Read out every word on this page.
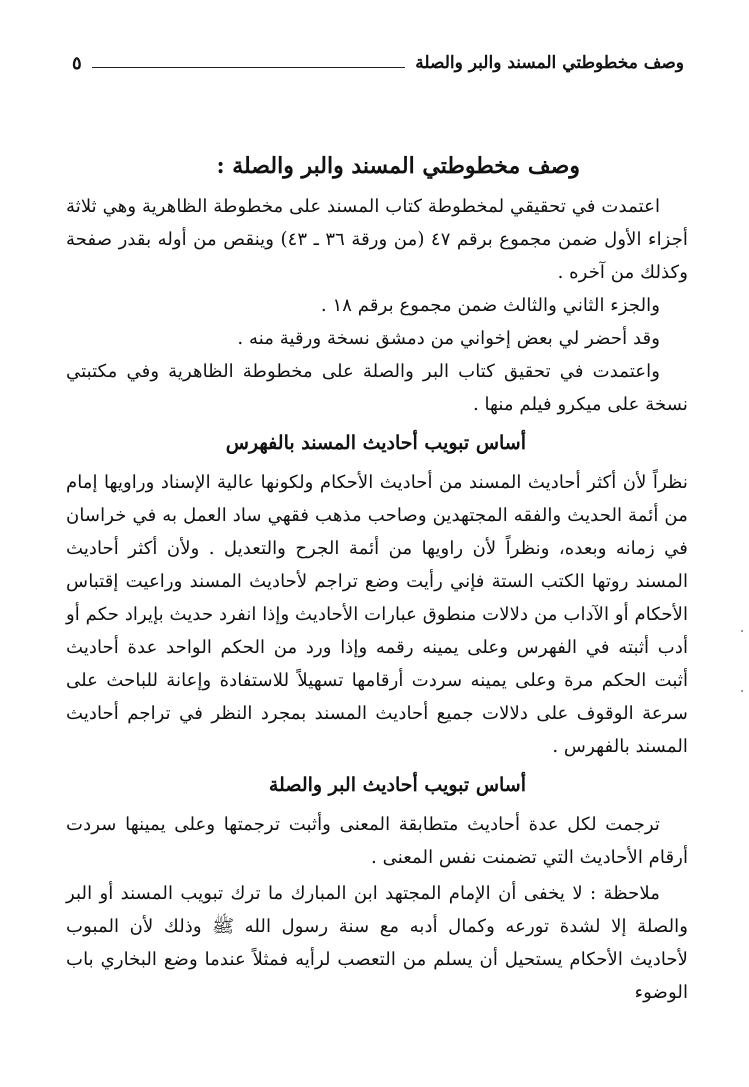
وصف مخطوطتي المسند والبر والصلة
٥
وصف مخطوطتي المسند والبر والصلة :

اعتمدت في تحقيقي لمخطوطة كتاب المسند على مخطوطة الظاهرية وهي ثلاثة أجزاء الأول ضمن مجموع برقم ٤٧ (من ورقة ٣٦ ـ ٤٣) وينقص من أوله بقدر صفحة وكذلك من آخره .

والجزء الثاني والثالث ضمن مجموع برقم ١٨ .

وقد أحضر لي بعض إخواني من دمشق نسخة ورقية منه .

واعتمدت في تحقيق كتاب البر والصلة على مخطوطة الظاهرية وفي مكتبتي نسخة على ميكرو فيلم منها .

أساس تبويب أحاديث المسند بالفهرس

نظراً لأن أكثر أحاديث المسند من أحاديث الأحكام ولكونها عالية الإسناد وراويها إمام من أئمة الحديث والفقه المجتهدين وصاحب مذهب فقهي ساد العمل به في خراسان في زمانه وبعده، ونظراً لأن راويها من أئمة الجرح والتعديل . ولأن أكثر أحاديث المسند روتها الكتب الستة فإني رأيت وضع تراجم لأحاديث المسند وراعيت إقتباس الأحكام أو الآداب من دلالات منطوق عبارات الأحاديث وإذا انفرد حديث بإيراد حكم أو أدب أثبته في الفهرس وعلى يمينه رقمه وإذا ورد من الحكم الواحد عدة أحاديث أثبت الحكم مرة وعلى يمينه سردت أرقامها تسهيلاً للاستفادة وإعانة للباحث على سرعة الوقوف على دلالات جميع أحاديث المسند بمجرد النظر في تراجم أحاديث المسند بالفهرس .

أساس تبويب أحاديث البر والصلة

ترجمت لكل عدة أحاديث متطابقة المعنى وأثبت ترجمتها وعلى يمينها سردت أرقام الأحاديث التي تضمنت نفس المعنى .

ملاحظة : لا يخفى أن الإمام المجتهد ابن المبارك ما ترك تبويب المسند أو البر والصلة إلا لشدة تورعه وكمال أدبه مع سنة رسول الله ﷺ وذلك لأن المبوب لأحاديث الأحكام يستحيل أن يسلم من التعصب لرأيه فمثلاً عندما وضع البخاري باب الوضوء
